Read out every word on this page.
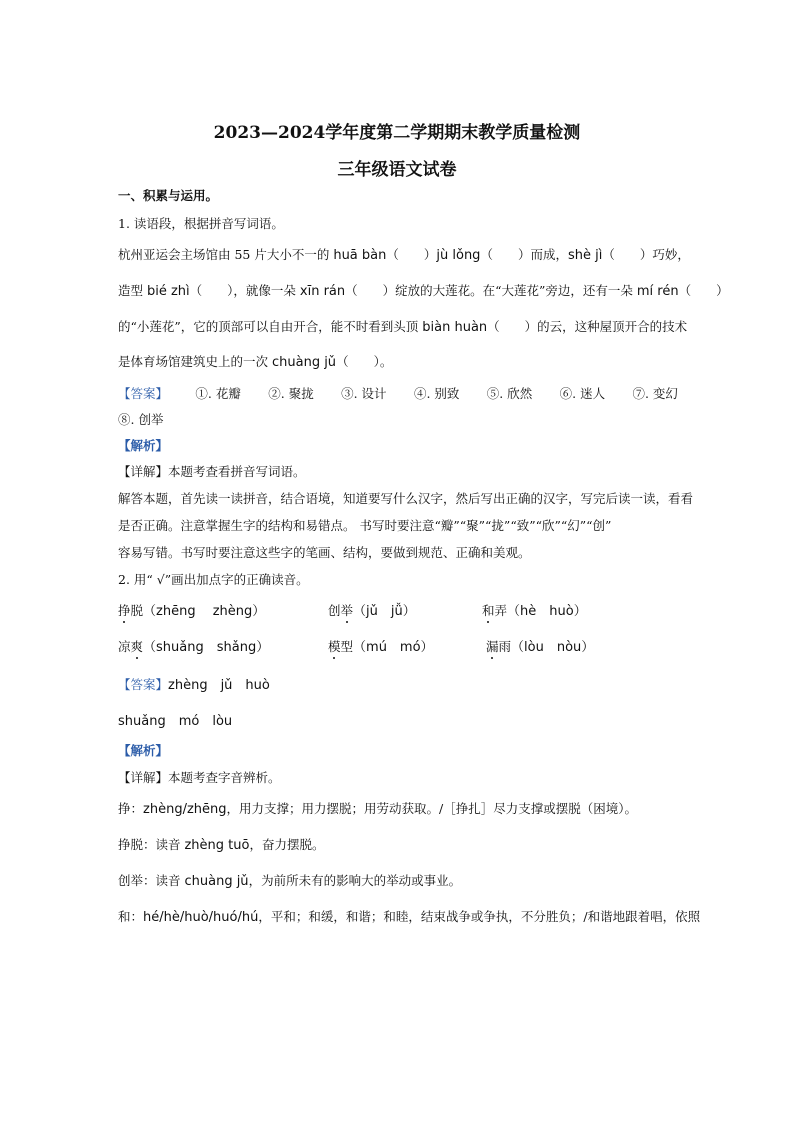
2023—2024学年度第二学期期末教学质量检测
三年级语文试卷
一、积累与运用。
1. 读语段，根据拼音写词语。
杭州亚运会主场馆由 55 片大小不一的 huā bàn（　　）jù lǒng（　　）而成，shè jì（　　）巧妙，
造型 bié zhì（　　），就像一朵 xīn rán（　　）绽放的大莲花。在“大莲花”旁边，还有一朵 mí rén（　　）
的“小莲花”，它的顶部可以自由开合，能不时看到头顶 biàn huàn（　　）的云，这种屋顶开合的技术
是体育场馆建筑史上的一次 chuàng jǔ（　　）。
【答案】 ①. 花瓣 ②. 聚拢 ③. 设计 ④. 别致 ⑤. 欣然 ⑥. 迷人 ⑦. 变幻
⑧. 创举
【解析】
【详解】本题考查看拼音写词语。
解答本题，首先读一读拼音，结合语境，知道要写什么汉字，然后写出正确的汉字，写完后读一读，看看
是否正确。注意掌握生字的结构和易错点。 书写时要注意“瓣”“聚”“拢”“致”“欣”“幻”“创”
容易写错。书写时要注意这些字的笔画、结构，要做到规范、正确和美观。
2. 用“ √”画出加点字的正确读音。
挣脱（zhēng　 zhèng）	创举（jǔ　jǚ）	和弄（hè　huò）
凉爽（shuǎng　shǎng）	模型（mú　mó）	漏雨（lòu　nòu）
【答案】zhèng　jǔ　huò
shuǎng　mó　lòu
【解析】
【详解】本题考查字音辨析。
挣：zhèng/zhēng，用力支撑；用力摆脱；用劳动获取。/［挣扎］尽力支撑或摆脱（困境）。
挣脱：读音 zhèng tuō，奋力摆脱。
创举：读音 chuàng jǔ，为前所未有的影响大的举动或事业。
和：hé/hè/huò/huó/hú，平和；和缓，和谐；和睦，结束战争或争执，不分胜负；/和谐地跟着唱，依照
